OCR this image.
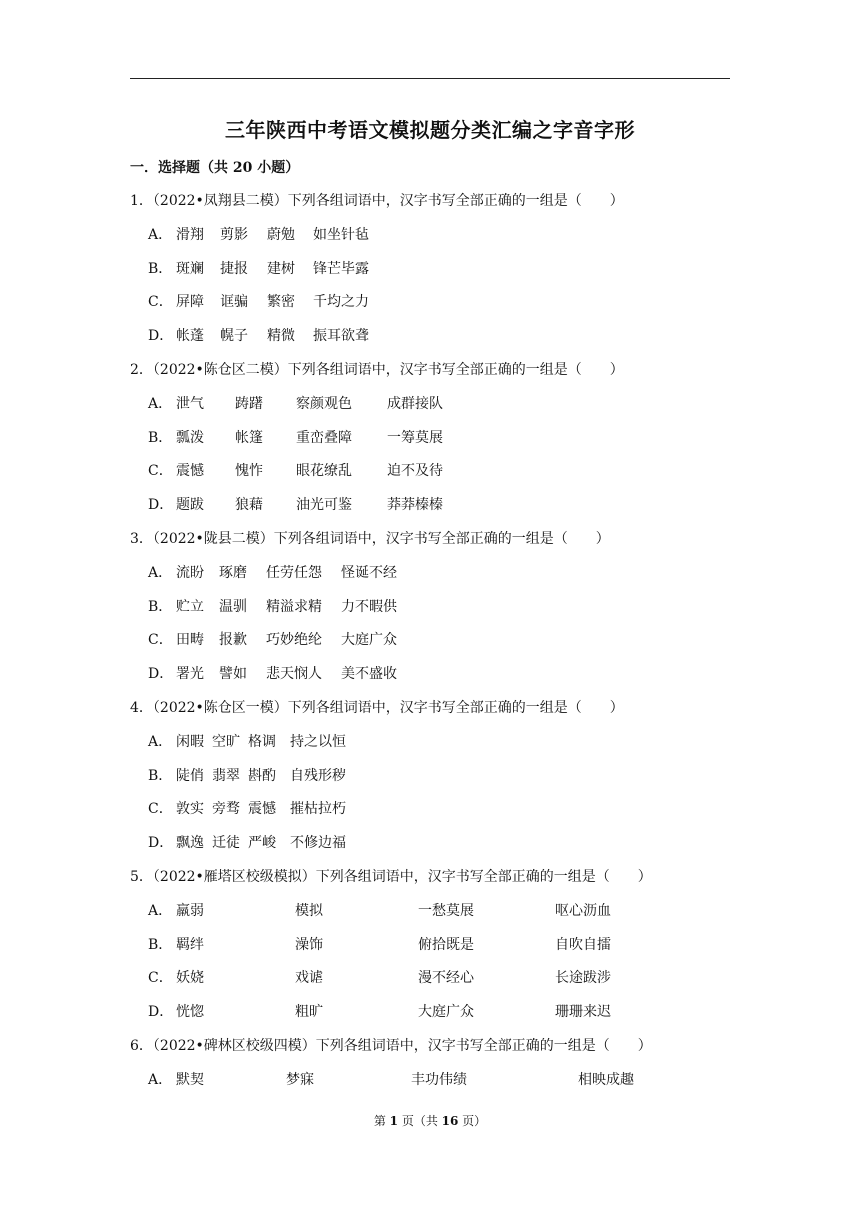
三年陕西中考语文模拟题分类汇编之字音字形
一．选择题（共 20 小题）
1．（2022•凤翔县二模）下列各组词语中，汉字书写全部正确的一组是（　　）
A． 滑翔 剪影 蔚勉 如坐针毡
B． 斑斓 捷报 建树 锋芒毕露
C． 屏障 诓骗 繁密 千均之力
D． 帐蓬 幌子 精微 振耳欲聋
2．（2022•陈仓区二模）下列各组词语中，汉字书写全部正确的一组是（　　）
A． 泄气 踌躇 察颜观色	成群接队
B． 瓢泼 帐篷 重峦叠障	一筹莫展
C． 震憾 愧怍 眼花缭乱	迫不及待
D． 题跋 狼藉 油光可鉴	莽莽榛榛
3．（2022•陇县二模）下列各组词语中，汉字书写全部正确的一组是（　　）
A． 流盼 琢磨 任劳任怨 怪诞不经
B． 贮立 温驯 精溢求精 力不暇供
C． 田畴 报歉 巧妙绝纶 大庭广众
D． 署光 譬如 悲天悯人 美不盛收
4．（2022•陈仓区一模）下列各组词语中，汉字书写全部正确的一组是（　　）
A． 闲暇 空旷 格调 持之以恒
B． 陡俏 翡翠 斟酌 自残形秽
C． 敦实 旁骛 震憾 摧枯拉朽
D． 飘逸 迁徒 严峻 不修边福
5．（2022•雁塔区校级模拟）下列各组词语中，汉字书写全部正确的一组是（　　）
A． 羸弱	模拟	一愁莫展	呕心沥血
B． 羁绊	澡饰	俯拾既是	自吹自擂
C． 妖娆	戏谑	漫不经心	长途跋涉
D． 恍惚	粗旷	大庭广众	珊珊来迟
6．（2022•碑林区校级四模）下列各组词语中，汉字书写全部正确的一组是（　　）
A． 默契	梦寐	丰功伟绩	相映成趣
第 1 页（共 16 页）
